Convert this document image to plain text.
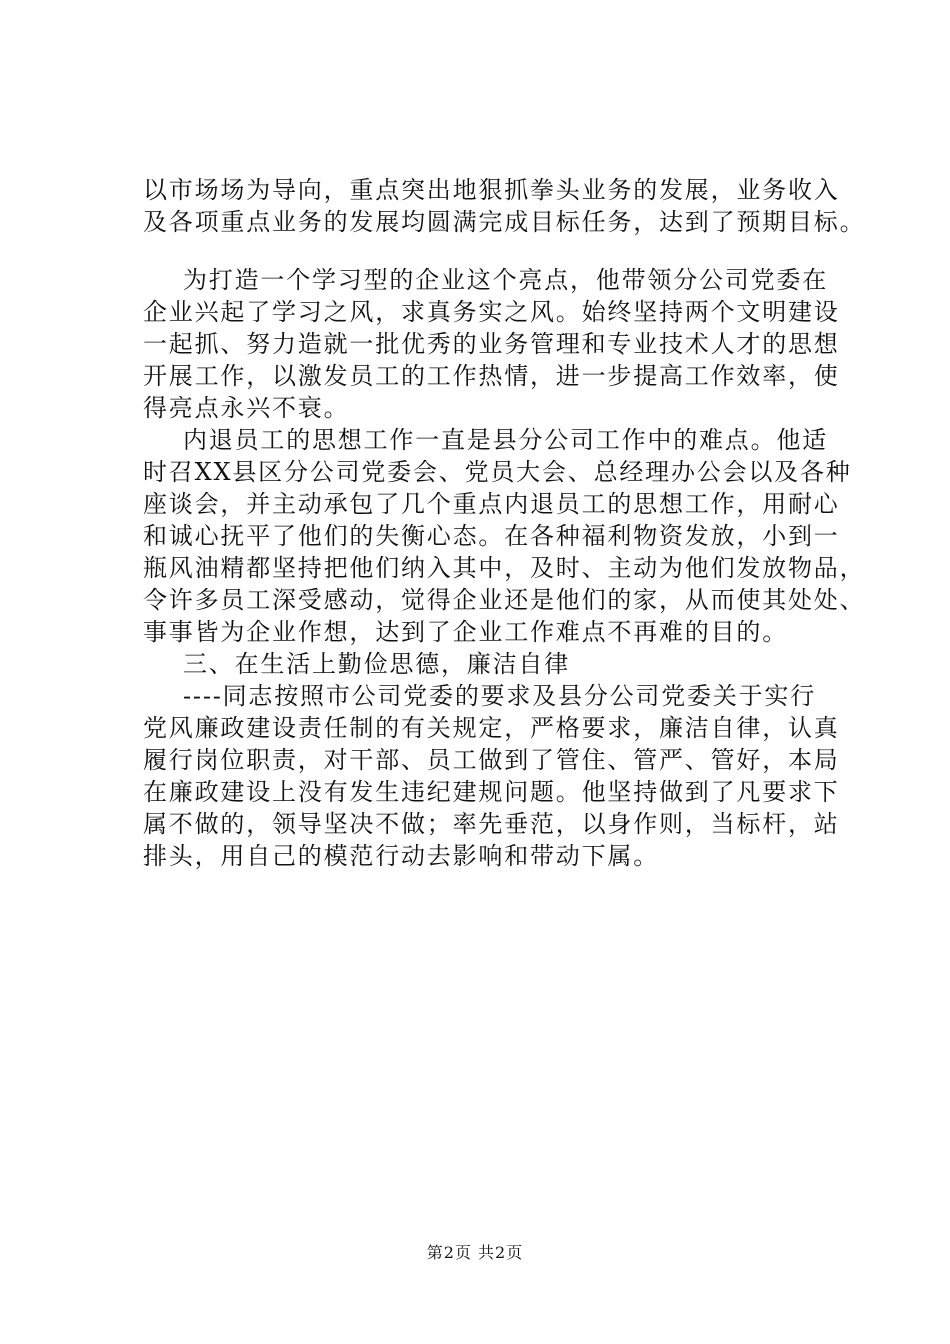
以市场场为导向，重点突出地狠抓拳头业务的发展，业务收入
及各项重点业务的发展均圆满完成目标任务，达到了预期目标。
为打造一个学习型的企业这个亮点，他带领分公司党委在
企业兴起了学习之风，求真务实之风。始终坚持两个文明建设
一起抓、努力造就一批优秀的业务管理和专业技术人才的思想
开展工作，以激发员工的工作热情，进一步提高工作效率，使
得亮点永兴不衰。
内退员工的思想工作一直是县分公司工作中的难点。他适
时召XX县区分公司党委会、党员大会、总经理办公会以及各种
座谈会，并主动承包了几个重点内退员工的思想工作，用耐心
和诚心抚平了他们的失衡心态。在各种福利物资发放，小到一
瓶风油精都坚持把他们纳入其中，及时、主动为他们发放物品，
令许多员工深受感动，觉得企业还是他们的家，从而使其处处、
事事皆为企业作想，达到了企业工作难点不再难的目的。
三、在生活上勤俭思德，廉洁自律
----同志按照市公司党委的要求及县分公司党委关于实行
党风廉政建设责任制的有关规定，严格要求，廉洁自律，认真
履行岗位职责，对干部、员工做到了管住、管严、管好，本局
在廉政建设上没有发生违纪建规问题。他坚持做到了凡要求下
属不做的，领导坚决不做；率先垂范，以身作则，当标杆，站
排头，用自己的模范行动去影响和带动下属。
第2页 共2页
